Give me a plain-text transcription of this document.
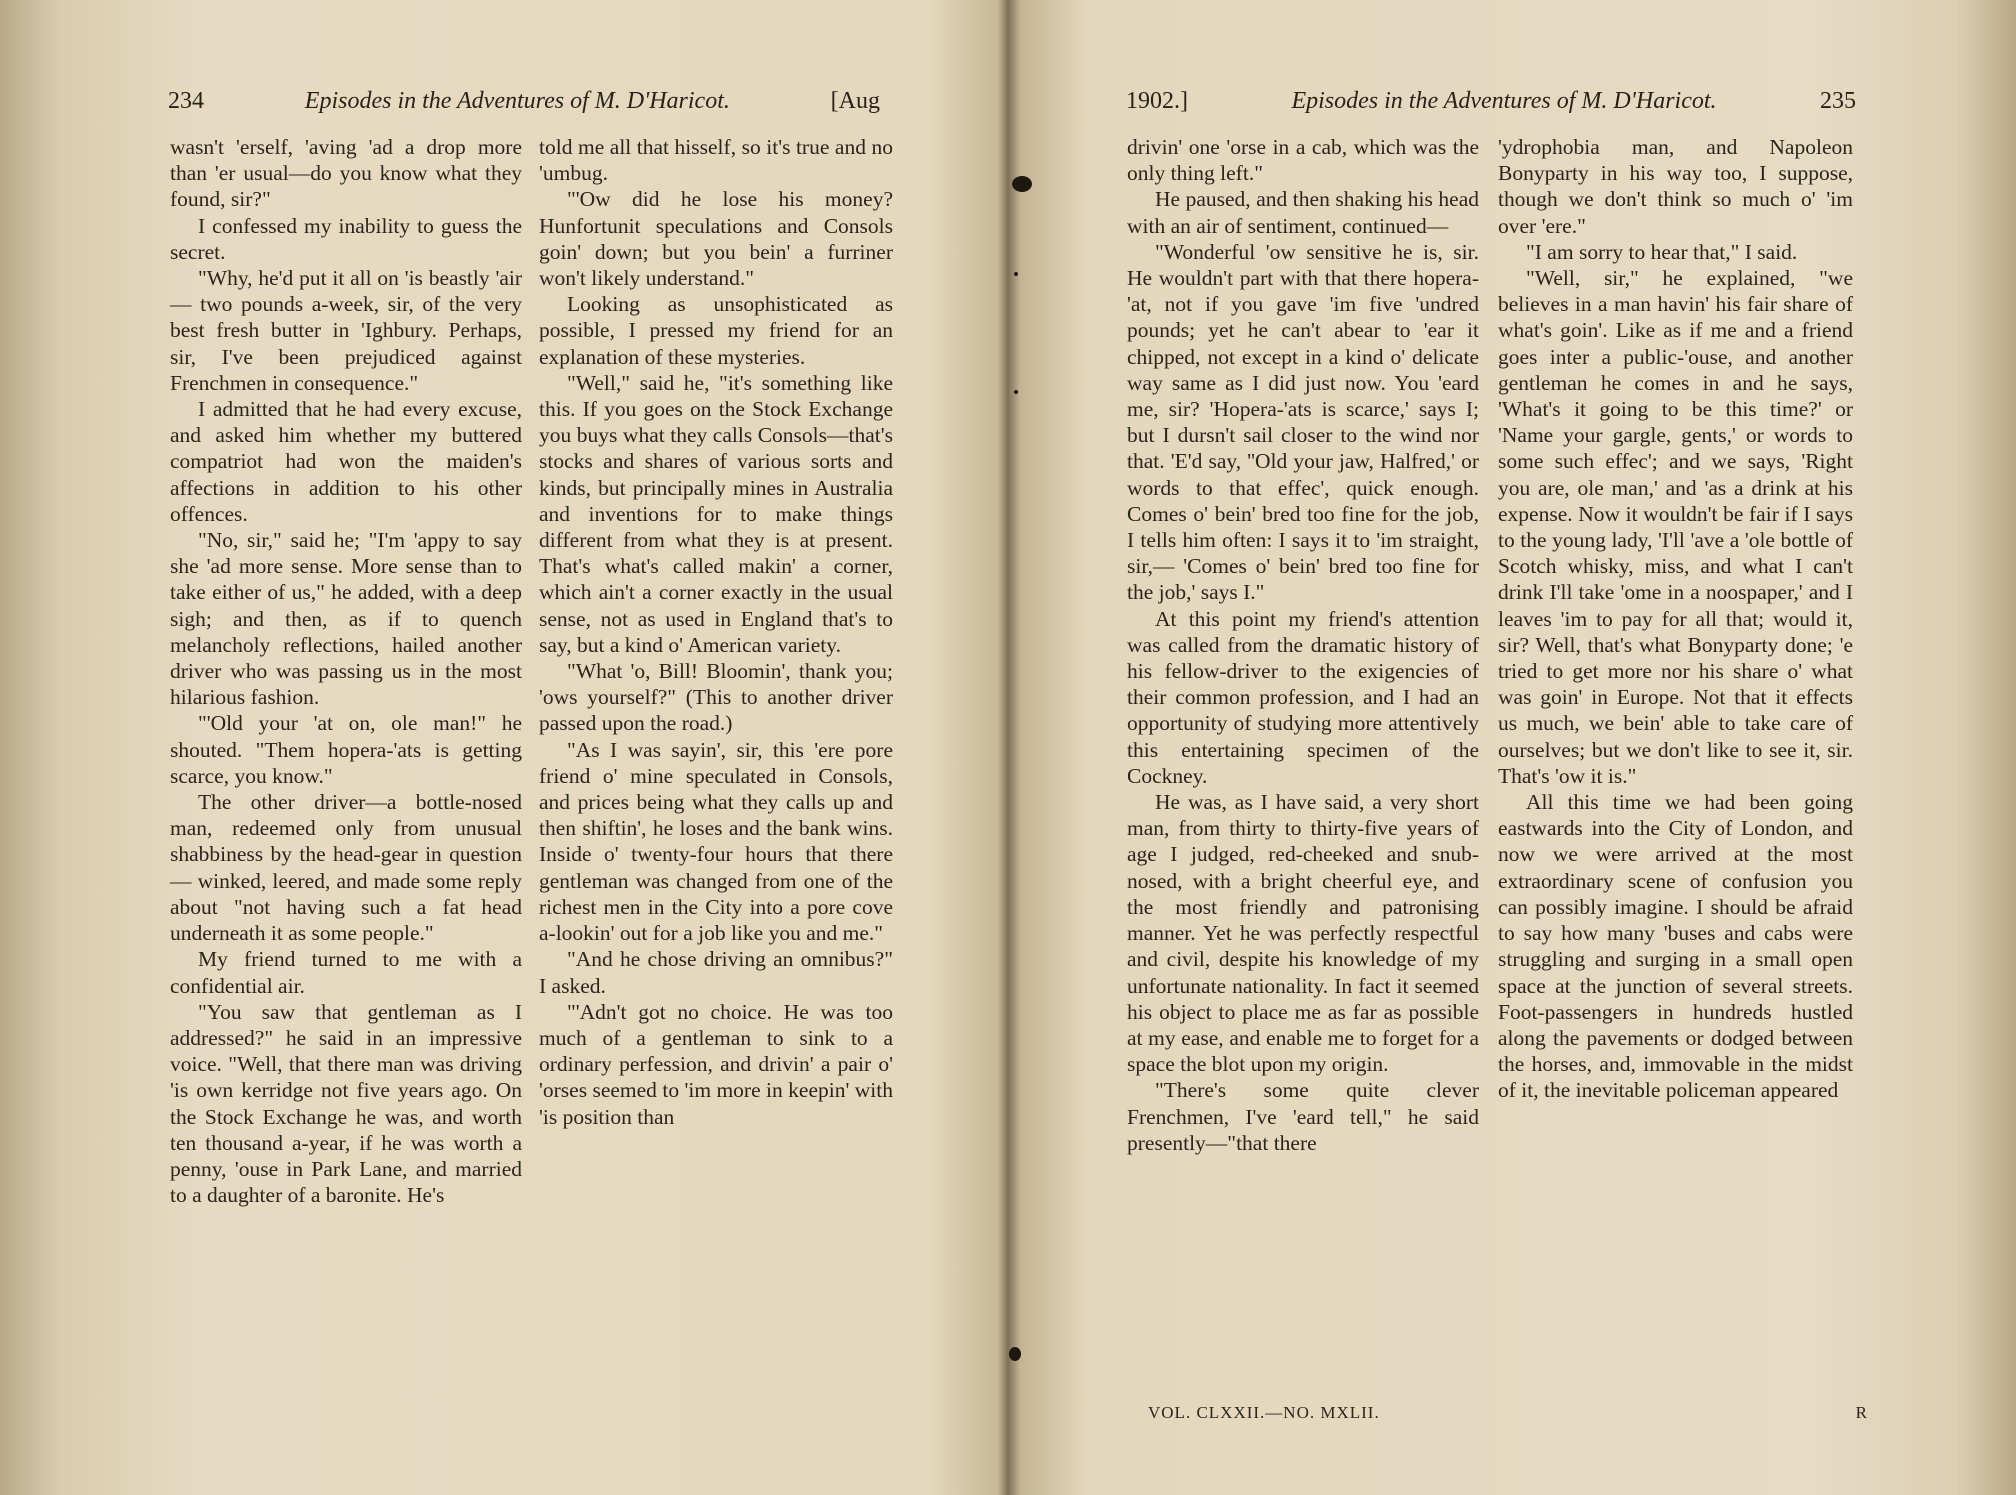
234	Episodes in the Adventures of M. D'Haricot.	[Aug

wasn't 'erself, 'aving 'ad a drop more than 'er usual—do you know what they found, sir?"

I confessed my inability to guess the secret.

"Why, he'd put it all on 'is beastly 'air — two pounds a-week, sir, of the very best fresh butter in 'Ighbury. Perhaps, sir, I've been prejudiced against Frenchmen in consequence."

I admitted that he had every excuse, and asked him whether my buttered compatriot had won the maiden's affections in addition to his other offences.

"No, sir," said he; "I'm 'appy to say she 'ad more sense. More sense than to take either of us," he added, with a deep sigh; and then, as if to quench melancholy reflections, hailed another driver who was passing us in the most hilarious fashion.

"'Old your 'at on, ole man!" he shouted. "Them hopera-'ats is getting scarce, you know."

The other driver—a bottle-nosed man, redeemed only from unusual shabbiness by the head-gear in question — winked, leered, and made some reply about "not having such a fat head underneath it as some people."

My friend turned to me with a confidential air.

"You saw that gentleman as I addressed?" he said in an impressive voice. "Well, that there man was driving 'is own kerridge not five years ago. On the Stock Exchange he was, and worth ten thousand a-year, if he was worth a penny, 'ouse in Park Lane, and married to a daughter of a baronite. He's

told me all that hisself, so it's true and no 'umbug.

"'Ow did he lose his money? Hunfortunit speculations and Consols goin' down; but you bein' a furriner won't likely understand."

Looking as unsophisticated as possible, I pressed my friend for an explanation of these mysteries.

"Well," said he, "it's something like this. If you goes on the Stock Exchange you buys what they calls Consols—that's stocks and shares of various sorts and kinds, but principally mines in Australia and inventions for to make things different from what they is at present. That's what's called makin' a corner, which ain't a corner exactly in the usual sense, not as used in England that's to say, but a kind o' American variety.

"What 'o, Bill! Bloomin', thank you; 'ows yourself?" (This to another driver passed upon the road.)

"As I was sayin', sir, this 'ere pore friend o' mine speculated in Consols, and prices being what they calls up and then shiftin', he loses and the bank wins. Inside o' twenty-four hours that there gentleman was changed from one of the richest men in the City into a pore cove a-lookin' out for a job like you and me."

"And he chose driving an omnibus?" I asked.

"'Adn't got no choice. He was too much of a gentleman to sink to a ordinary perfession, and drivin' a pair o' 'orses seemed to 'im more in keepin' with 'is position than

1902.]	Episodes in the Adventures of M. D'Haricot.	235

drivin' one 'orse in a cab, which was the only thing left."

He paused, and then shaking his head with an air of sentiment, continued—

"Wonderful 'ow sensitive he is, sir. He wouldn't part with that there hopera-'at, not if you gave 'im five 'undred pounds; yet he can't abear to 'ear it chipped, not except in a kind o' delicate way same as I did just now. You 'eard me, sir? 'Hopera-'ats is scarce,' says I; but I dursn't sail closer to the wind nor that. 'E'd say, ''Old your jaw, Halfred,' or words to that effec', quick enough. Comes o' bein' bred too fine for the job, I tells him often: I says it to 'im straight, sir,— 'Comes o' bein' bred too fine for the job,' says I."

At this point my friend's attention was called from the dramatic history of his fellow-driver to the exigencies of their common profession, and I had an opportunity of studying more attentively this entertaining specimen of the Cockney.

He was, as I have said, a very short man, from thirty to thirty-five years of age I judged, red-cheeked and snub-nosed, with a bright cheerful eye, and the most friendly and patronising manner. Yet he was perfectly respectful and civil, despite his knowledge of my unfortunate nationality. In fact it seemed his object to place me as far as possible at my ease, and enable me to forget for a space the blot upon my origin.

"There's some quite clever Frenchmen, I've 'eard tell," he said presently—"that there

'ydrophobia man, and Napoleon Bonyparty in his way too, I suppose, though we don't think so much o' 'im over 'ere."

"I am sorry to hear that," I said.

"Well, sir," he explained, "we believes in a man havin' his fair share of what's goin'. Like as if me and a friend goes inter a public-'ouse, and another gentleman he comes in and he says, 'What's it going to be this time?' or 'Name your gargle, gents,' or words to some such effec'; and we says, 'Right you are, ole man,' and 'as a drink at his expense. Now it wouldn't be fair if I says to the young lady, 'I'll 'ave a 'ole bottle of Scotch whisky, miss, and what I can't drink I'll take 'ome in a noospaper,' and I leaves 'im to pay for all that; would it, sir? Well, that's what Bonyparty done; 'e tried to get more nor his share o' what was goin' in Europe. Not that it effects us much, we bein' able to take care of ourselves; but we don't like to see it, sir. That's 'ow it is."

All this time we had been going eastwards into the City of London, and now we were arrived at the most extraordinary scene of confusion you can possibly imagine. I should be afraid to say how many 'buses and cabs were struggling and surging in a small open space at the junction of several streets. Foot-passengers in hundreds hustled along the pavements or dodged between the horses, and, immovable in the midst of it, the inevitable policeman appeared

VOL. CLXXII.—NO. MXLII.	R
